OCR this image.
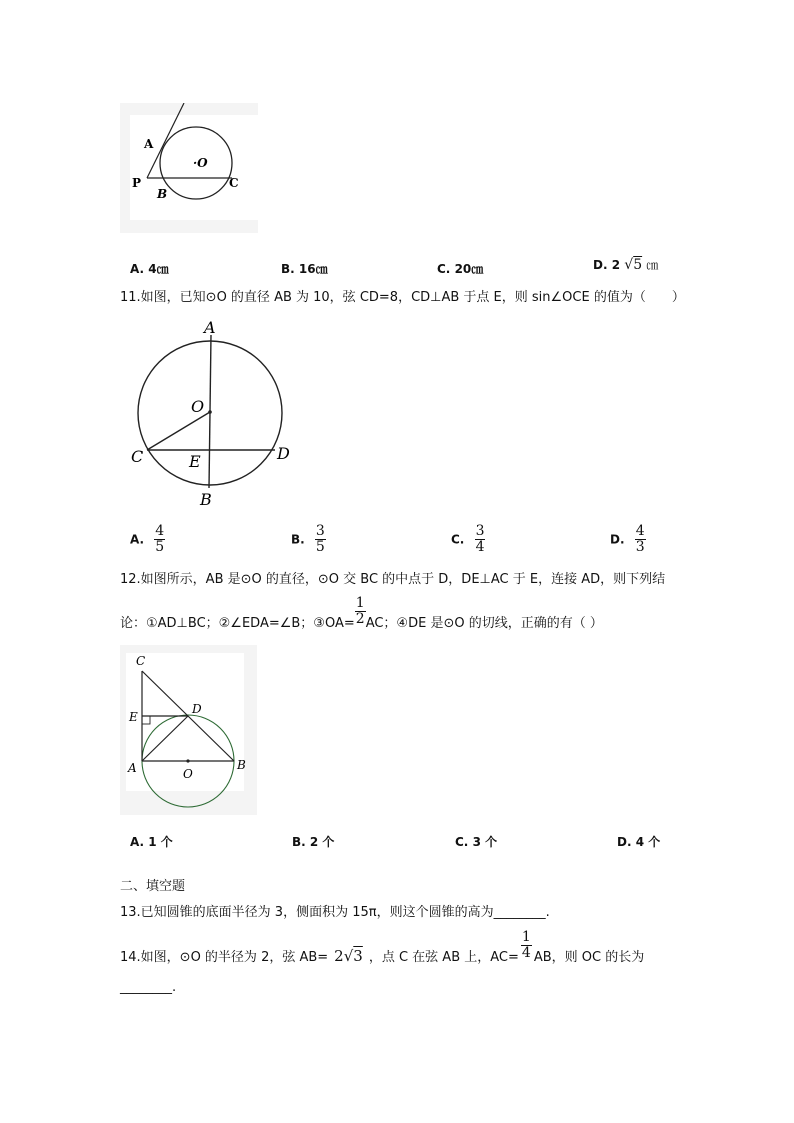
A
·O
P
B
C
A. 4㎝	B. 16㎝	C. 20㎝	D. 2 √5 ㎝
11.如图，已知⊙O 的直径 AB 为 10，弦 CD=8，CD⊥AB 于点 E，则 sin∠OCE 的值为（　　）
A
O
C	E	D
B
A. $\frac{4}{5}$	B. $\frac{3}{5}$	C. $\frac{3}{4}$	D. $\frac{4}{3}$
12.如图所示，AB 是⊙O 的直径，⊙O 交 BC 的中点于 D，DE⊥AC 于 E，连接 AD，则下列结
论：①AD⊥BC；②∠EDA=∠B；③OA= $\frac{1}{2}$ AC；④DE 是⊙O 的切线，正确的有（ ）
C
E
D
A	O
B
A. 1 个	B. 2 个	C. 3 个	D. 4 个
二、填空题
13.已知圆锥的底面半径为 3，侧面积为 15π，则这个圆锥的高为________.
14.如图，⊙O 的半径为 2，弦 AB= 2√3 ，点 C 在弦 AB 上，$AC= \frac{1}{4}$ AB，则 OC 的长为
________.
